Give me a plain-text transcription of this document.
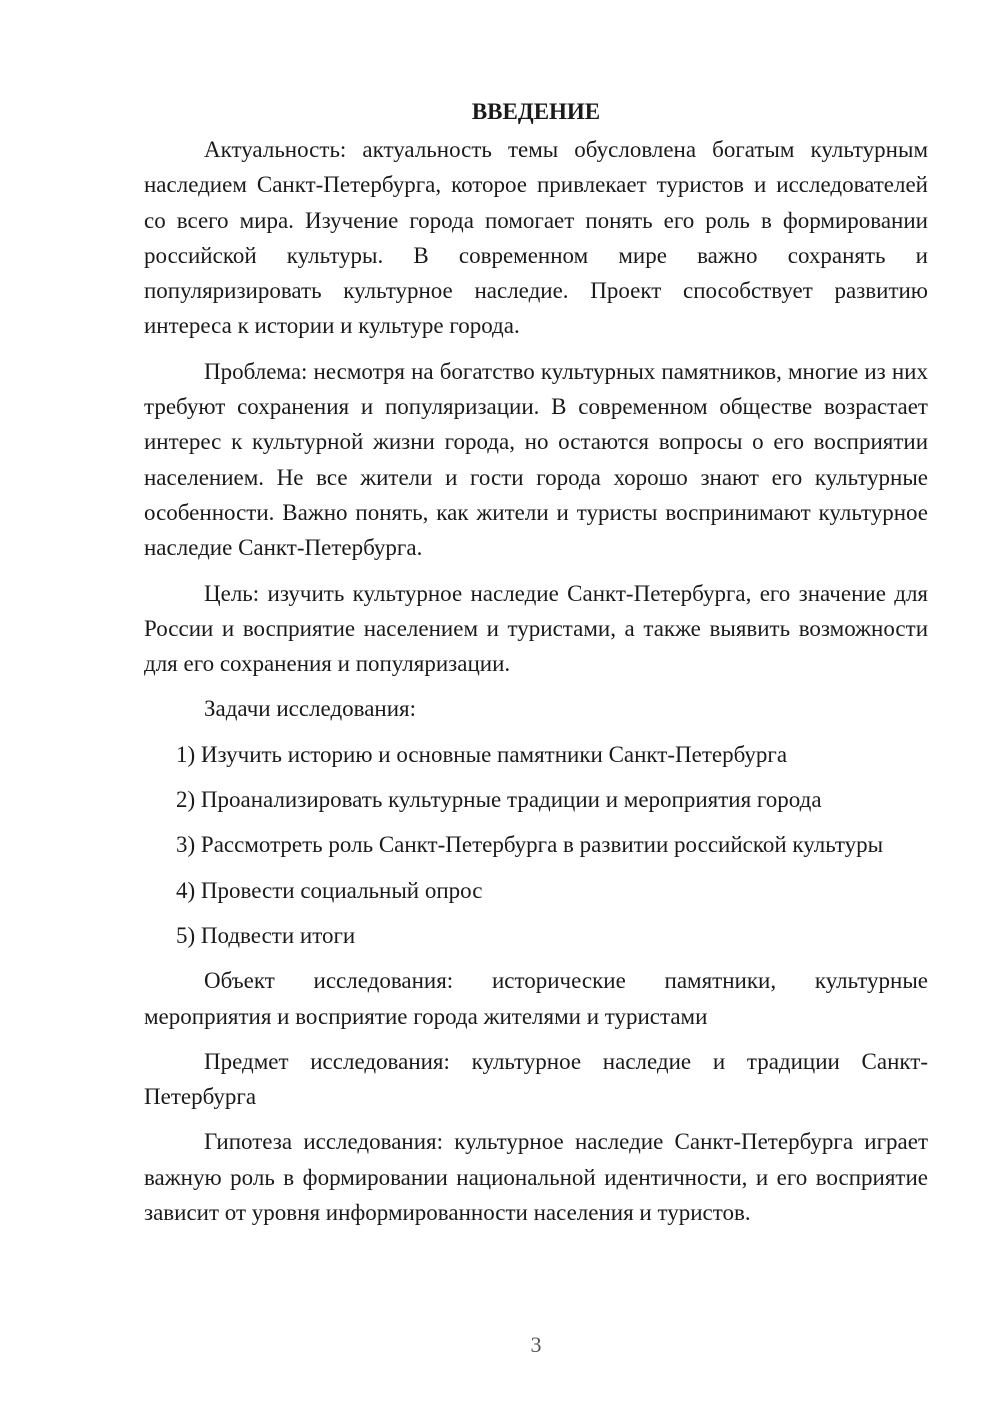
ВВЕДЕНИЕ

Актуальность: актуальность темы обусловлена богатым культурным наследием Санкт-Петербурга, которое привлекает туристов и исследователей со всего мира. Изучение города помогает понять его роль в формировании российской культуры. В современном мире важно сохранять и популяризировать культурное наследие. Проект способствует развитию интереса к истории и культуре города.

Проблема: несмотря на богатство культурных памятников, многие из них требуют сохранения и популяризации. В современном обществе возрастает интерес к культурной жизни города, но остаются вопросы о его восприятии населением. Не все жители и гости города хорошо знают его культурные особенности. Важно понять, как жители и туристы воспринимают культурное наследие Санкт-Петербурга.

Цель: изучить культурное наследие Санкт-Петербурга, его значение для России и восприятие населением и туристами, а также выявить возможности для его сохранения и популяризации.

Задачи исследования:

1) Изучить историю и основные памятники Санкт-Петербурга

2) Проанализировать культурные традиции и мероприятия города

3) Рассмотреть роль Санкт-Петербурга в развитии российской культуры

4) Провести социальный опрос

5) Подвести итоги

Объект исследования: исторические памятники, культурные мероприятия и восприятие города жителями и туристами

Предмет исследования: культурное наследие и традиции Санкт-Петербурга

Гипотеза исследования: культурное наследие Санкт-Петербурга играет важную роль в формировании национальной идентичности, и его восприятие зависит от уровня информированности населения и туристов.

3
